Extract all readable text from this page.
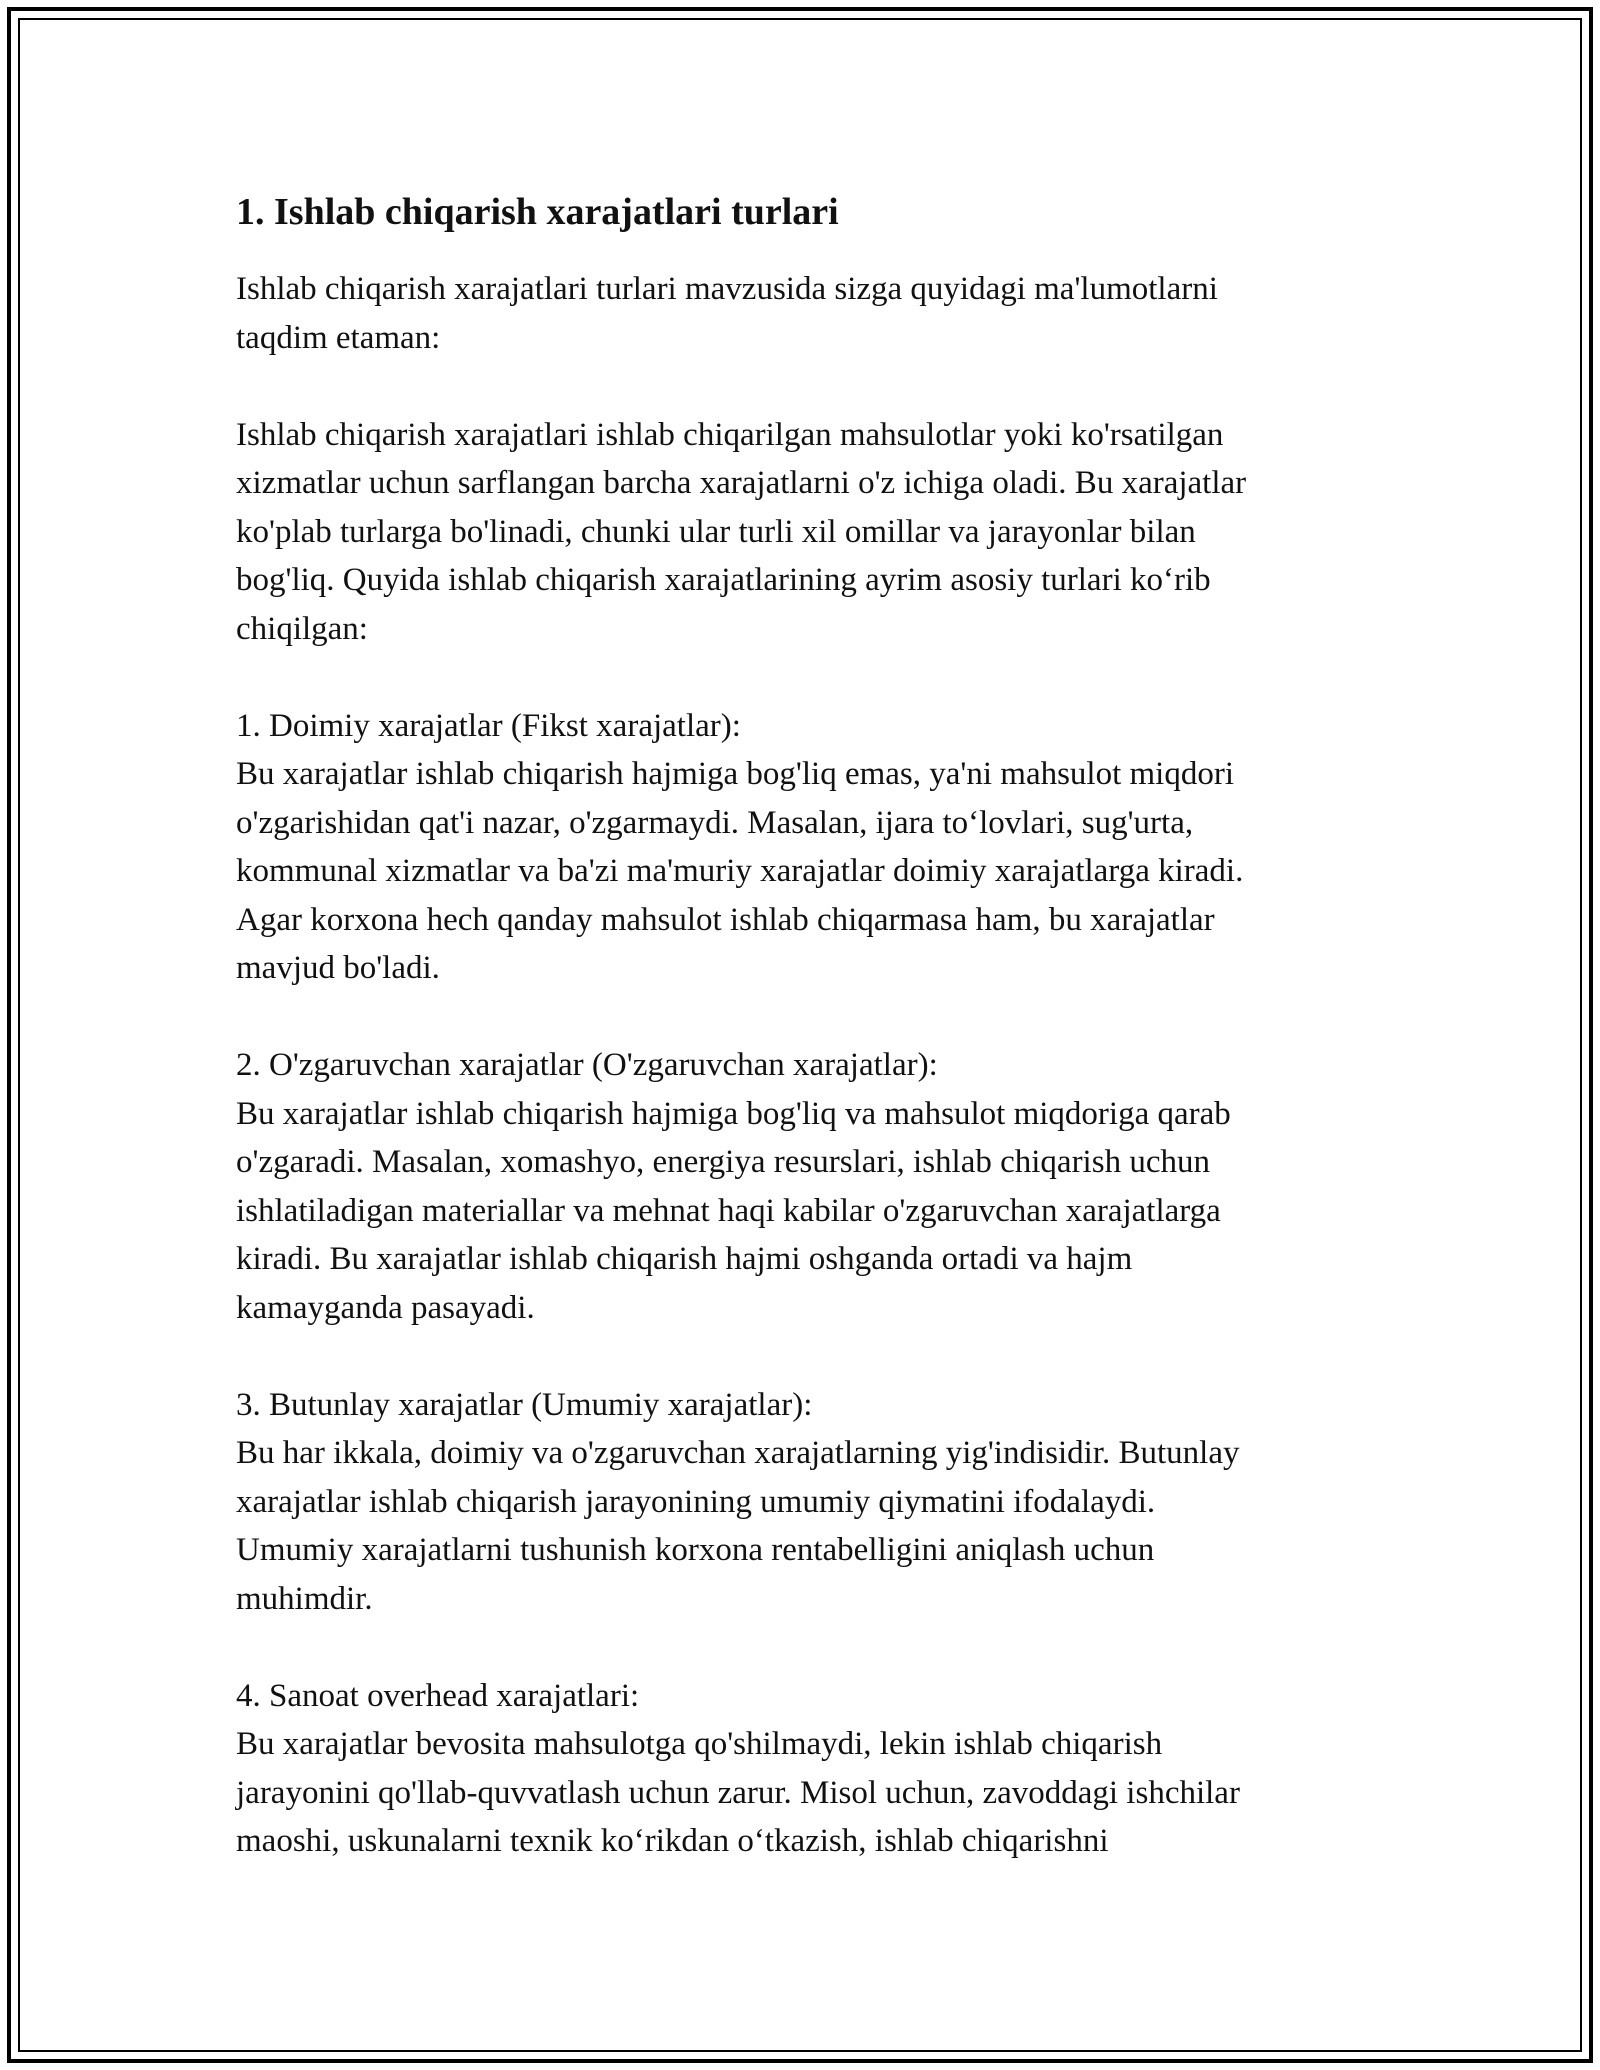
1. Ishlab chiqarish xarajatlari turlari

Ishlab chiqarish xarajatlari turlari mavzusida sizga quyidagi ma'lumotlarni
taqdim etaman:

Ishlab chiqarish xarajatlari ishlab chiqarilgan mahsulotlar yoki ko'rsatilgan
xizmatlar uchun sarflangan barcha xarajatlarni o'z ichiga oladi. Bu xarajatlar
ko'plab turlarga bo'linadi, chunki ular turli xil omillar va jarayonlar bilan
bog'liq. Quyida ishlab chiqarish xarajatlarining ayrim asosiy turlari ko‘rib
chiqilgan:

1. Doimiy xarajatlar (Fikst xarajatlar):
Bu xarajatlar ishlab chiqarish hajmiga bog'liq emas, ya'ni mahsulot miqdori
o'zgarishidan qat'i nazar, o'zgarmaydi. Masalan, ijara to‘lovlari, sug'urta,
kommunal xizmatlar va ba'zi ma'muriy xarajatlar doimiy xarajatlarga kiradi.
Agar korxona hech qanday mahsulot ishlab chiqarmasa ham, bu xarajatlar
mavjud bo'ladi.

2. O'zgaruvchan xarajatlar (O'zgaruvchan xarajatlar):
Bu xarajatlar ishlab chiqarish hajmiga bog'liq va mahsulot miqdoriga qarab
o'zgaradi. Masalan, xomashyo, energiya resurslari, ishlab chiqarish uchun
ishlatiladigan materiallar va mehnat haqi kabilar o'zgaruvchan xarajatlarga
kiradi. Bu xarajatlar ishlab chiqarish hajmi oshganda ortadi va hajm
kamayganda pasayadi.

3. Butunlay xarajatlar (Umumiy xarajatlar):
Bu har ikkala, doimiy va o'zgaruvchan xarajatlarning yig'indisidir. Butunlay
xarajatlar ishlab chiqarish jarayonining umumiy qiymatini ifodalaydi.
Umumiy xarajatlarni tushunish korxona rentabelligini aniqlash uchun
muhimdir.

4. Sanoat overhead xarajatlari:
Bu xarajatlar bevosita mahsulotga qo'shilmaydi, lekin ishlab chiqarish
jarayonini qo'llab-quvvatlash uchun zarur. Misol uchun, zavoddagi ishchilar
maoshi, uskunalarni texnik ko‘rikdan o‘tkazish, ishlab chiqarishni
